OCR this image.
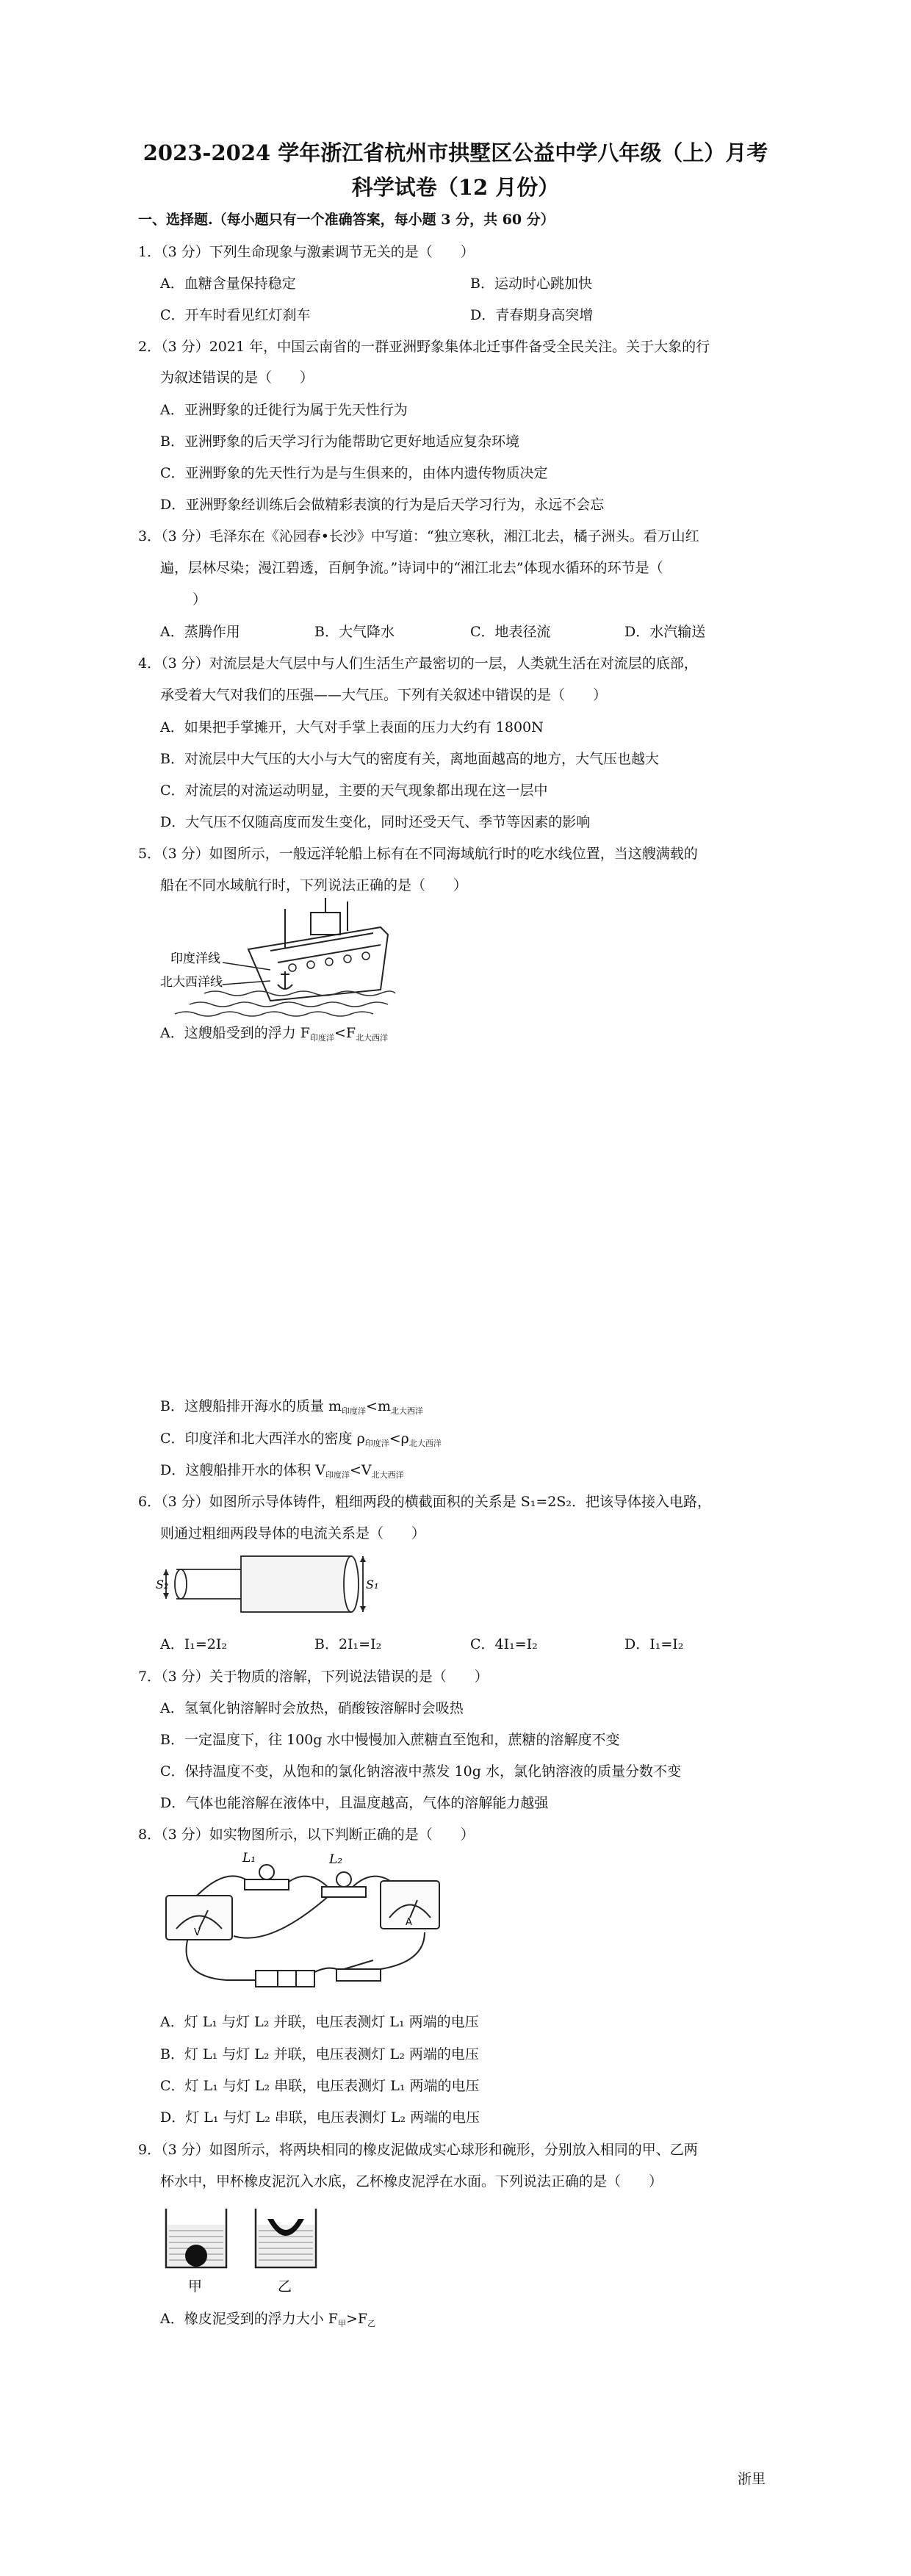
2023-2024 学年浙江省杭州市拱墅区公益中学八年级（上）月考
科学试卷（12 月份）
一、选择题.（每小题只有一个准确答案，每小题 3 分，共 60 分）
1．（3 分）下列生命现象与激素调节无关的是（　　）
A．血糖含量保持稳定	B．运动时心跳加快
C．开车时看见红灯刹车	D．青春期身高突增
2．（3 分）2021 年，中国云南省的一群亚洲野象集体北迁事件备受全民关注。关于大象的行
为叙述错误的是（　　）
A．亚洲野象的迁徙行为属于先天性行为
B．亚洲野象的后天学习行为能帮助它更好地适应复杂环境
C．亚洲野象的先天性行为是与生俱来的，由体内遗传物质决定
D．亚洲野象经训练后会做精彩表演的行为是后天学习行为，永远不会忘
3．（3 分）毛泽东在《沁园春•长沙》中写道：“独立寒秋，湘江北去，橘子洲头。看万山红
遍，层林尽染；漫江碧透，百舸争流。”诗词中的“湘江北去”体现水循环的环节是（
）
A．蒸腾作用	B．大气降水	C．地表径流	D．水汽输送
4．（3 分）对流层是大气层中与人们生活生产最密切的一层，人类就生活在对流层的底部，
承受着大气对我们的压强——大气压。下列有关叙述中错误的是（　　）
A．如果把手掌摊开，大气对手掌上表面的压力大约有 1800N
B．对流层中大气压的大小与大气的密度有关，离地面越高的地方，大气压也越大
C．对流层的对流运动明显，主要的天气现象都出现在这一层中
D．大气压不仅随高度而发生变化，同时还受天气、季节等因素的影响
5．（3 分）如图所示，一般远洋轮船上标有在不同海域航行时的吃水线位置，当这艘满载的
船在不同水域航行时，下列说法正确的是（　　）
印度洋线
北大西洋线
A．这艘船受到的浮力 $F_{印度洋}<F_{北大西洋}$
B．这艘船排开海水的质量 $m_{印度洋}<m_{北大西洋}$
C．印度洋和北大西洋水的密度 $\rho_{印度洋}<\rho_{北大西洋}$
D．这艘船排开水的体积 $V_{印度洋}<V_{北大西洋}$
6．（3 分）如图所示导体铸件，粗细两段的横截面积的关系是 S₁=2S₂．把该导体接入电路，
则通过粗细两段导体的电流关系是（　　）
S₂	S₁
A．I₁=2I₂	B．2I₁=I₂	C．4I₁=I₂	D．I₁=I₂
7．（3 分）关于物质的溶解，下列说法错误的是（　　）
A．氢氧化钠溶解时会放热，硝酸铵溶解时会吸热
B．一定温度下，往 100g 水中慢慢加入蔗糖直至饱和，蔗糖的溶解度不变
C．保持温度不变，从饱和的氯化钠溶液中蒸发 10g 水，氯化钠溶液的质量分数不变
D．气体也能溶解在液体中，且温度越高，气体的溶解能力越强
8．（3 分）如实物图所示，以下判断正确的是（　　）
V
L₁	L₂
A
A．灯 L₁ 与灯 L₂ 并联，电压表测灯 L₁ 两端的电压
B．灯 L₁ 与灯 L₂ 并联，电压表测灯 L₂ 两端的电压
C．灯 L₁ 与灯 L₂ 串联，电压表测灯 L₁ 两端的电压
D．灯 L₁ 与灯 L₂ 串联，电压表测灯 L₂ 两端的电压
9．（3 分）如图所示，将两块相同的橡皮泥做成实心球形和碗形，分别放入相同的甲、乙两
杯水中，甲杯橡皮泥沉入水底，乙杯橡皮泥浮在水面。下列说法正确的是（　　）
甲	乙
A．橡皮泥受到的浮力大小 $F_甲>F_乙$
浙里
